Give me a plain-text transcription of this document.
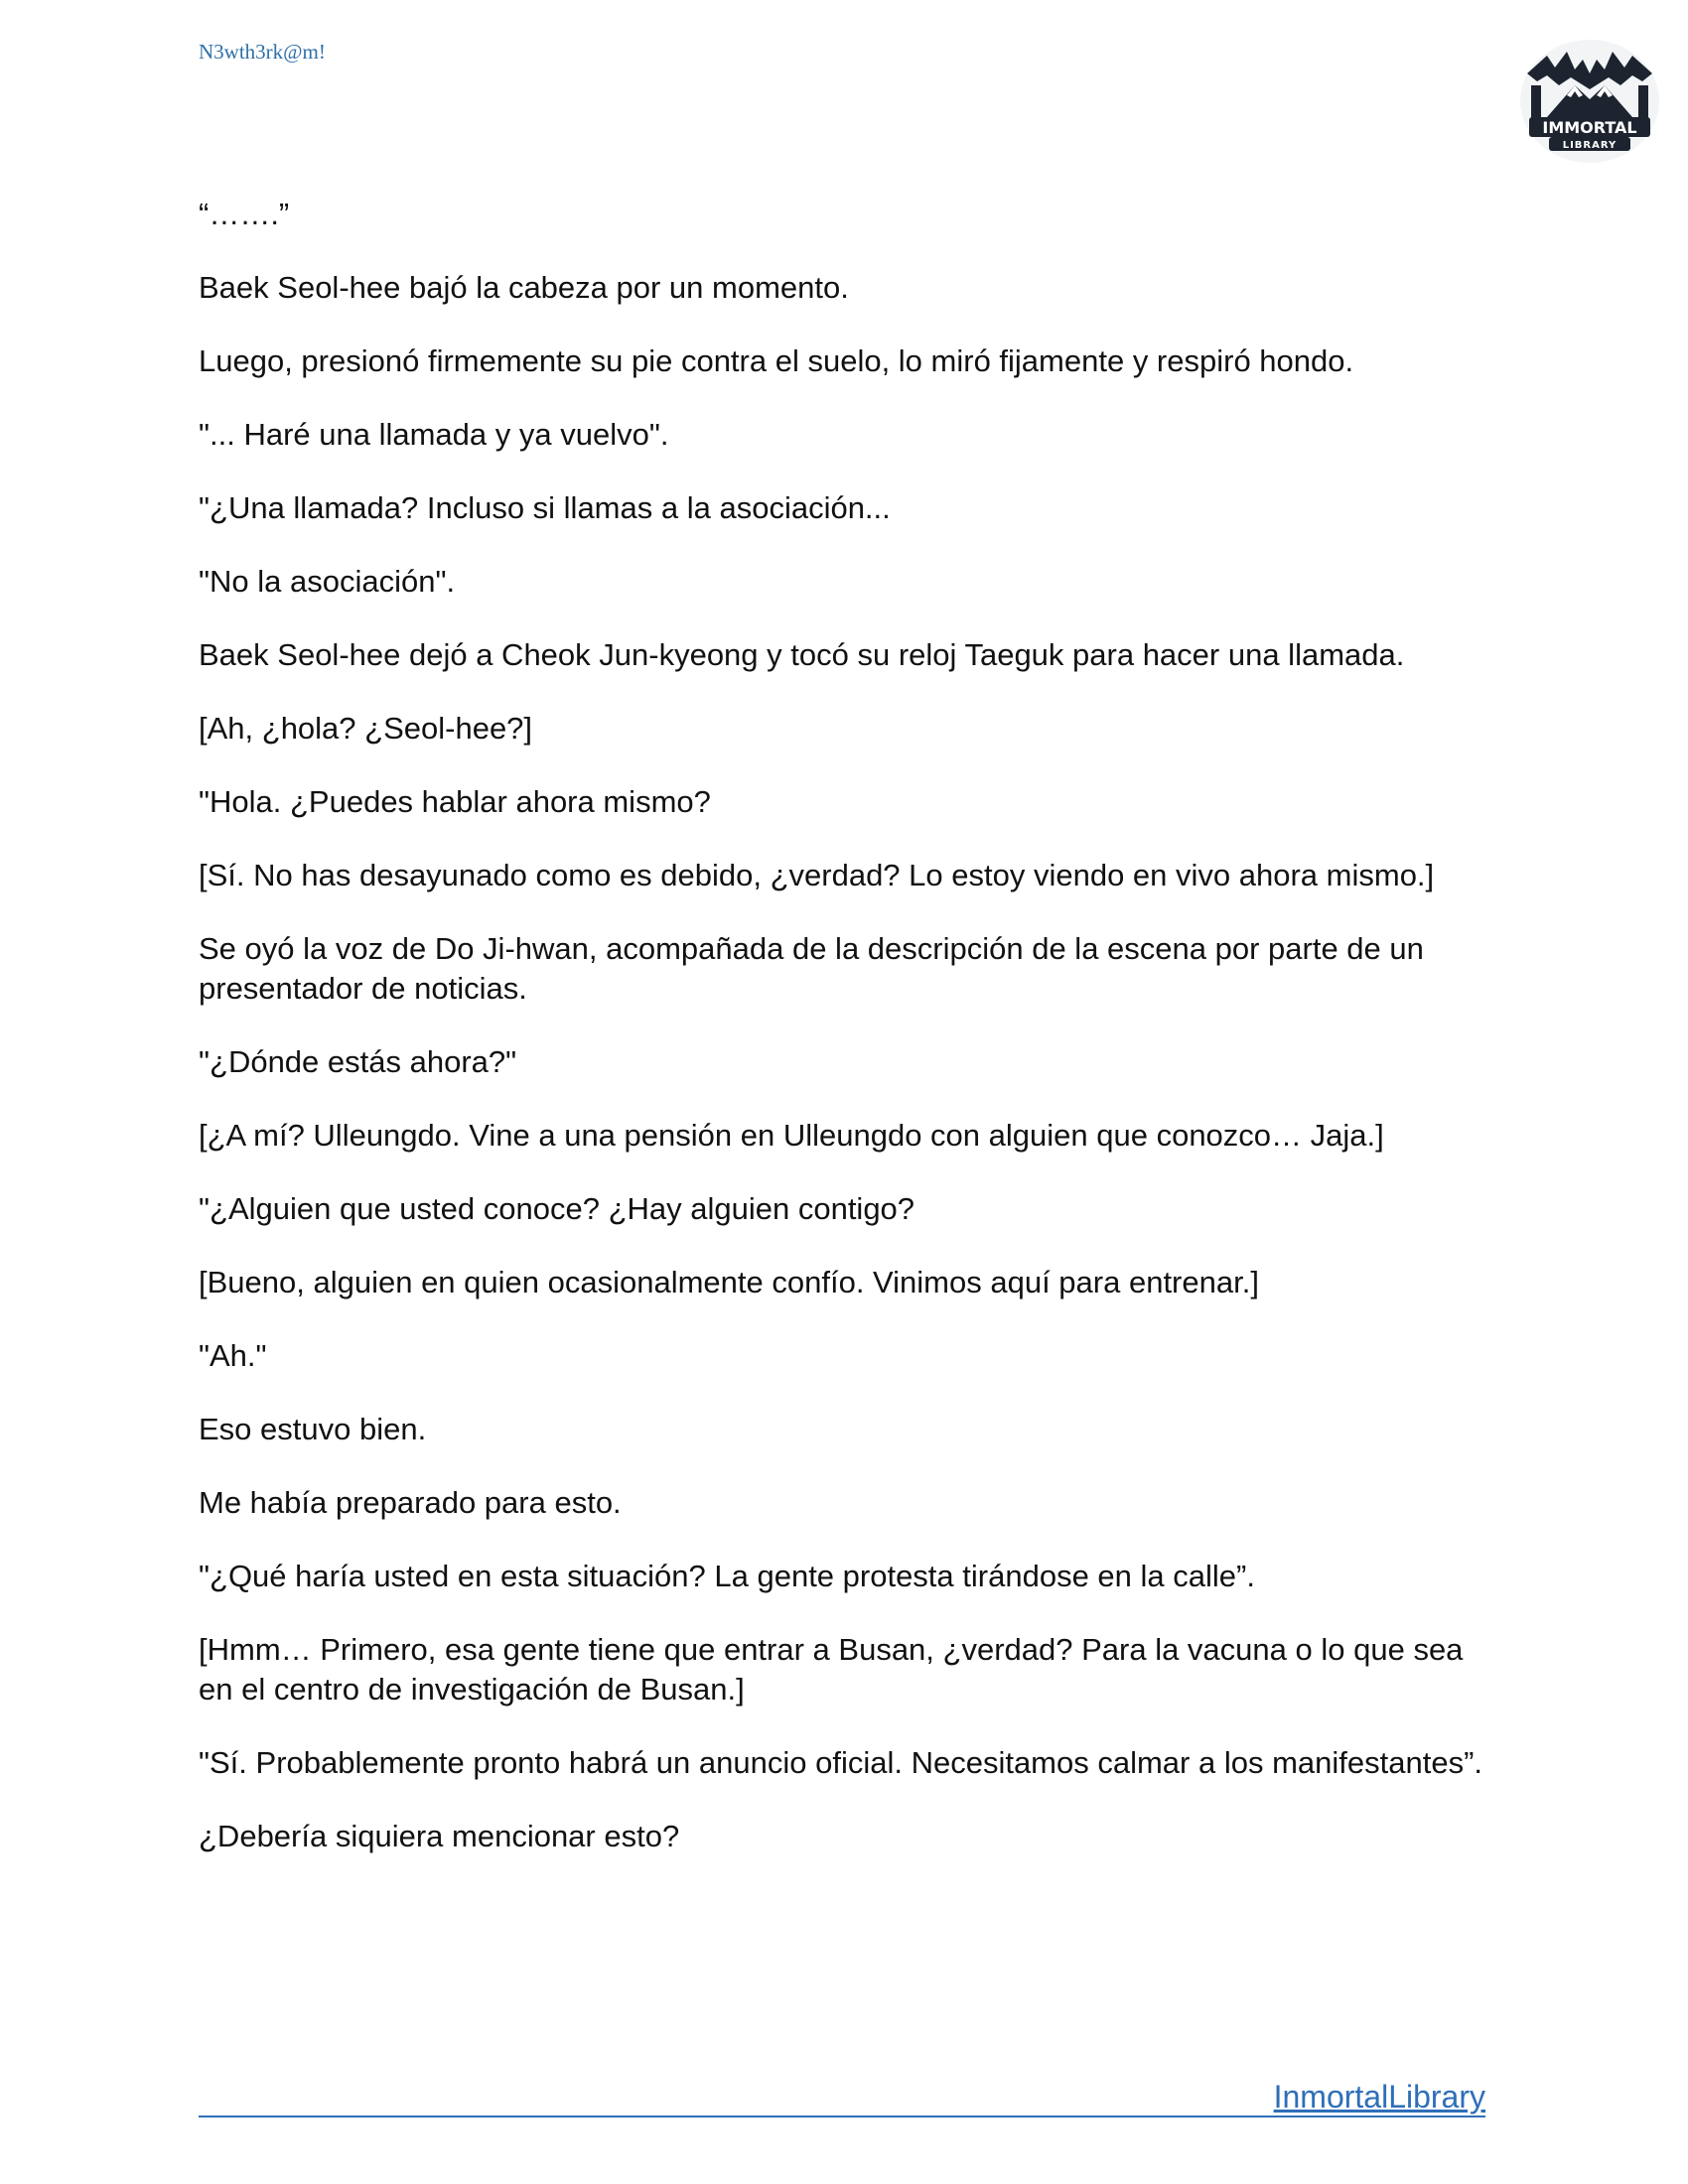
N3wth3rk@m!
IMMORTAL
LIBRARY

“…….”

Baek Seol-hee bajó la cabeza por un momento.

Luego, presionó firmemente su pie contra el suelo, lo miró fijamente y respiró hondo.

"... Haré una llamada y ya vuelvo".

"¿Una llamada? Incluso si llamas a la asociación...

"No la asociación".

Baek Seol-hee dejó a Cheok Jun-kyeong y tocó su reloj Taeguk para hacer una llamada.

[Ah, ¿hola? ¿Seol-hee?]

"Hola. ¿Puedes hablar ahora mismo?

[Sí. No has desayunado como es debido, ¿verdad? Lo estoy viendo en vivo ahora mismo.]

Se oyó la voz de Do Ji-hwan, acompañada de la descripción de la escena por parte de un presentador de noticias.

"¿Dónde estás ahora?"

[¿A mí? Ulleungdo. Vine a una pensión en Ulleungdo con alguien que conozco… Jaja.]

"¿Alguien que usted conoce? ¿Hay alguien contigo?

[Bueno, alguien en quien ocasionalmente confío. Vinimos aquí para entrenar.]

"Ah."

Eso estuvo bien.

Me había preparado para esto.

"¿Qué haría usted en esta situación? La gente protesta tirándose en la calle”.

[Hmm… Primero, esa gente tiene que entrar a Busan, ¿verdad? Para la vacuna o lo que sea en el centro de investigación de Busan.]

"Sí. Probablemente pronto habrá un anuncio oficial. Necesitamos calmar a los manifestantes”.

¿Debería siquiera mencionar esto?

InmortalLibrary
